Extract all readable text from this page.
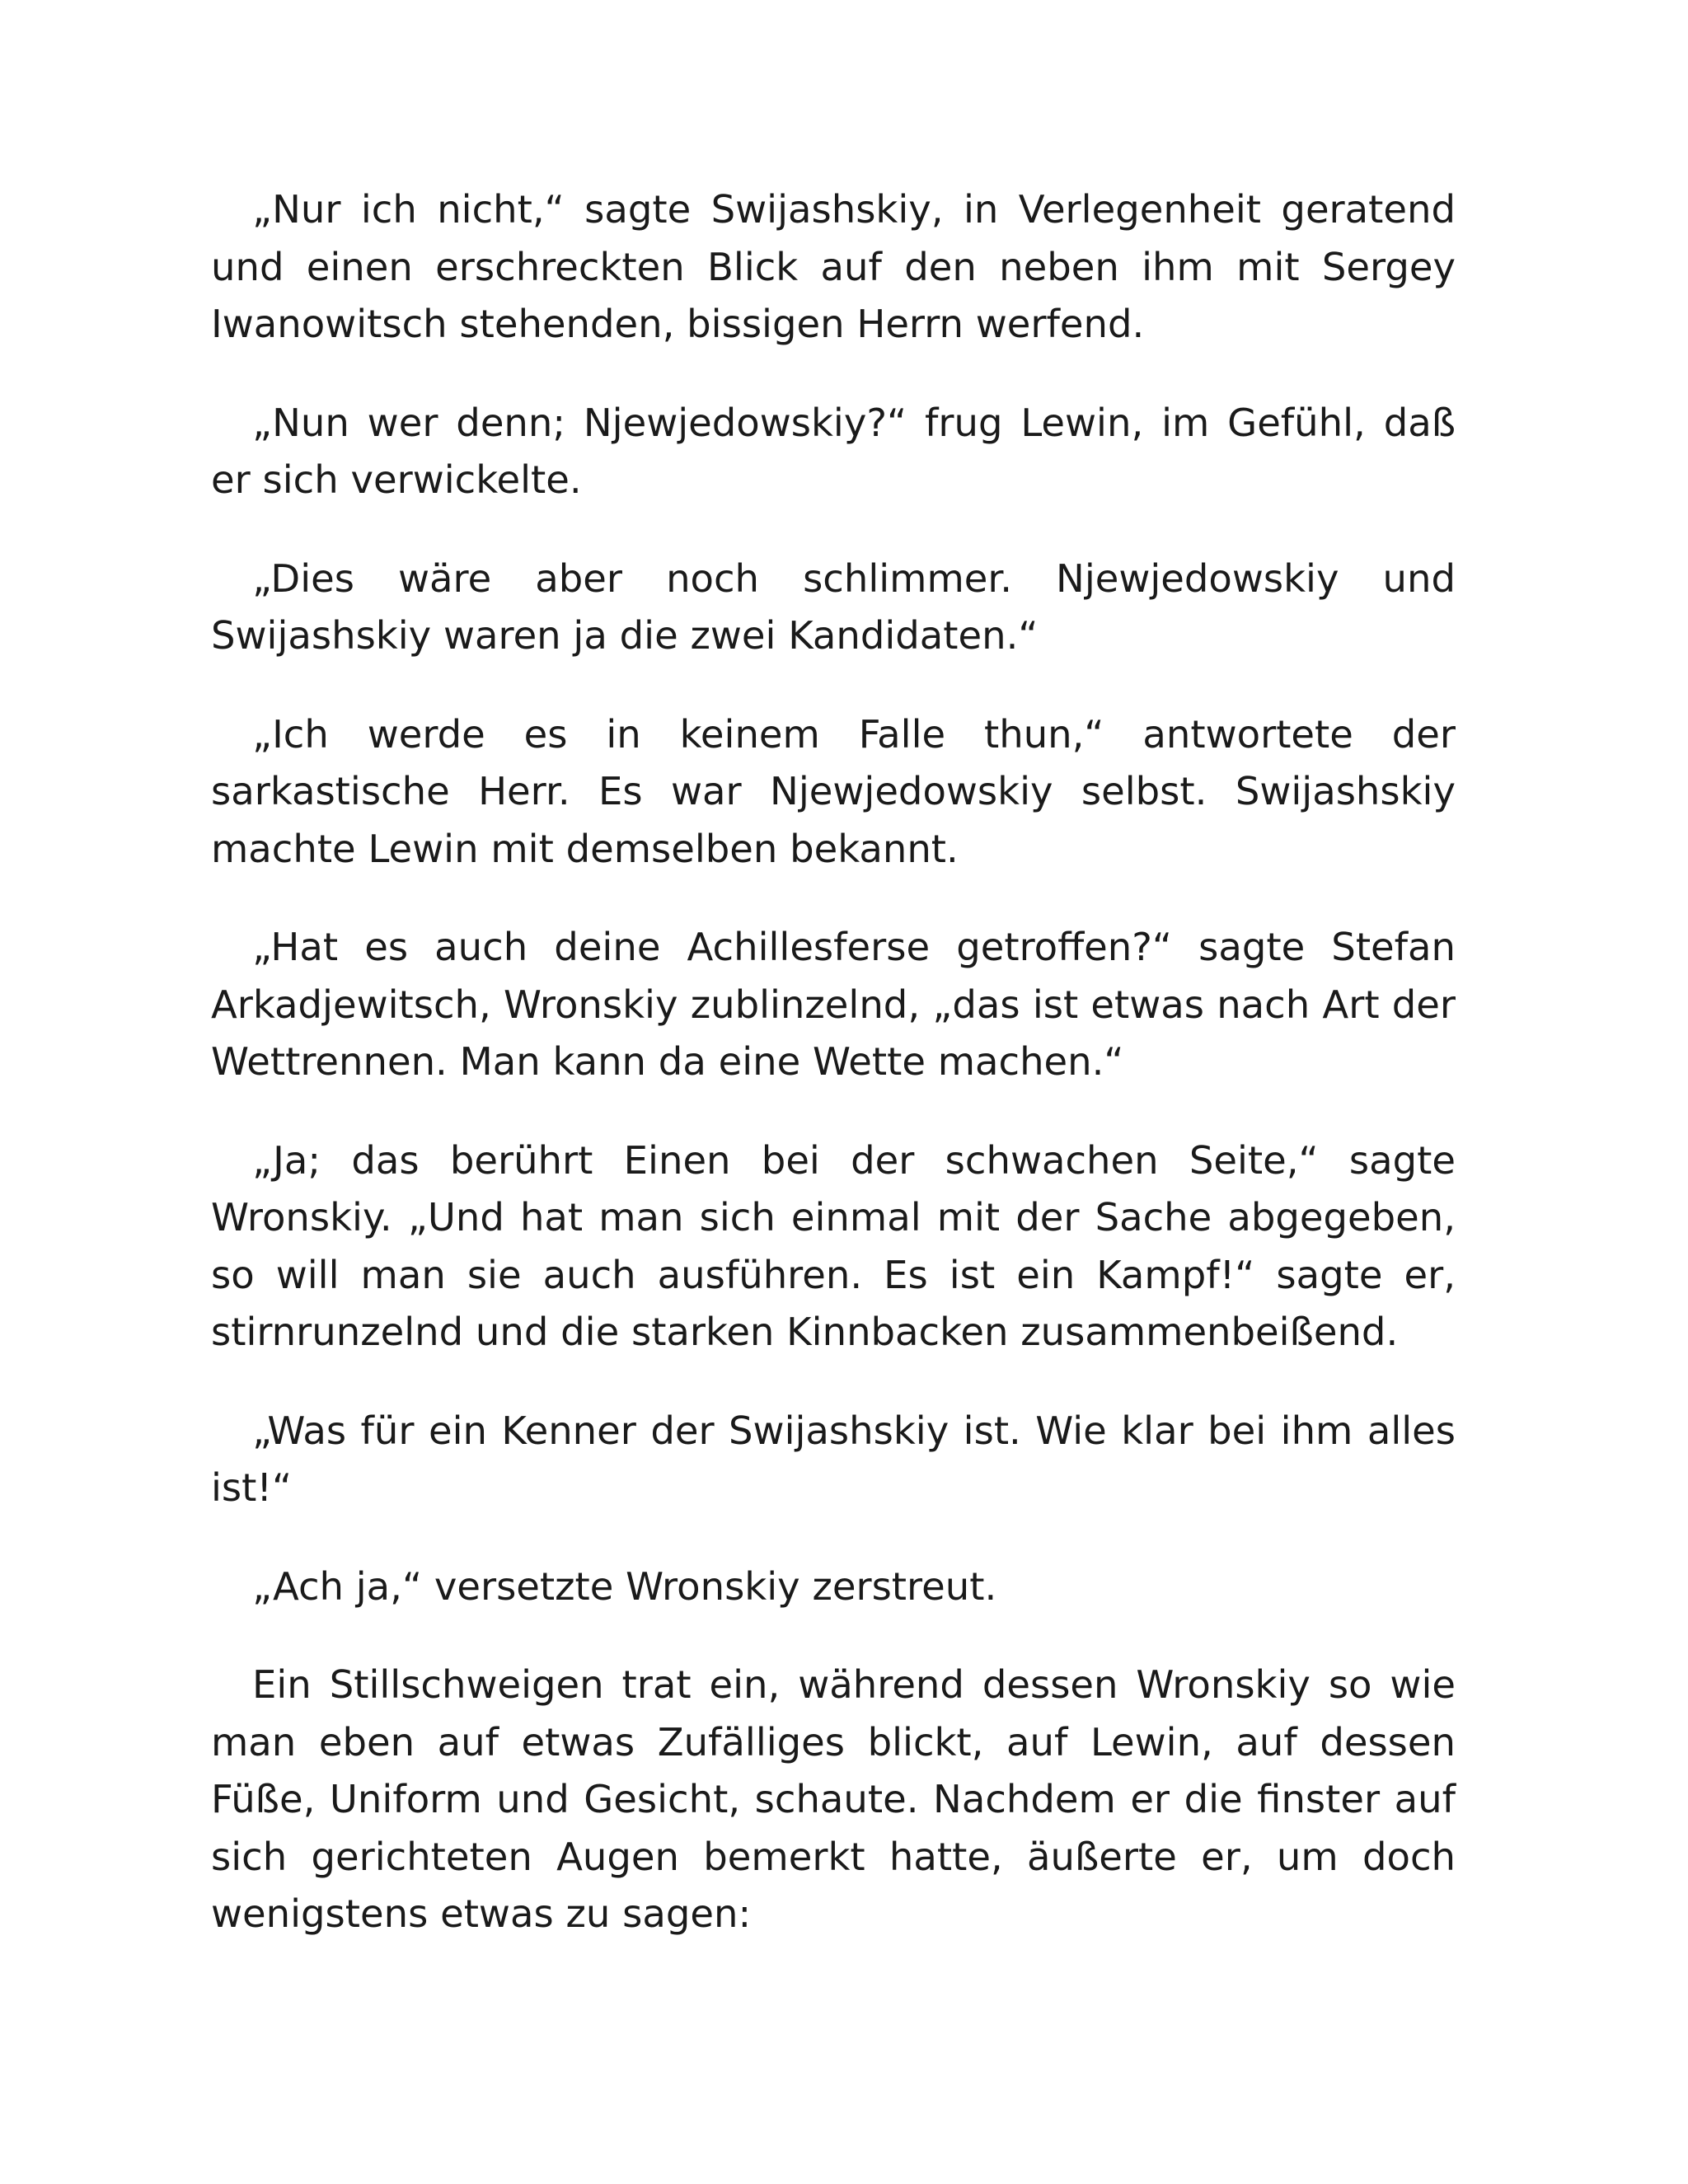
„Nur ich nicht,“ sagte Swijashskiy, in Verlegenheit geratend und einen erschreckten Blick auf den neben ihm mit Sergey Iwanowitsch stehenden, bissigen Herrn werfend.

„Nun wer denn; Njewjedowskiy?“ frug Lewin, im Gefühl, daß er sich verwickelte.

„Dies wäre aber noch schlimmer. Njewjedowskiy und Swijashskiy waren ja die zwei Kandidaten.“

„Ich werde es in keinem Falle thun,“ antwortete der sarkastische Herr. Es war Njewjedowskiy selbst. Swijashskiy machte Lewin mit demselben bekannt.

„Hat es auch deine Achillesferse getroffen?“ sagte Stefan Arkadjewitsch, Wronskiy zublinzelnd, „das ist etwas nach Art der Wettrennen. Man kann da eine Wette machen.“

„Ja; das berührt Einen bei der schwachen Seite,“ sagte Wronskiy. „Und hat man sich einmal mit der Sache abgegeben, so will man sie auch ausführen. Es ist ein Kampf!“ sagte er, stirnrunzelnd und die starken Kinnbacken zusammenbeißend.

„Was für ein Kenner der Swijashskiy ist. Wie klar bei ihm alles ist!“

„Ach ja,“ versetzte Wronskiy zerstreut.

Ein Stillschweigen trat ein, während dessen Wronskiy so wie man eben auf etwas Zufälliges blickt, auf Lewin, auf dessen Füße, Uniform und Gesicht, schaute. Nachdem er die finster auf sich gerichteten Augen bemerkt hatte, äußerte er, um doch wenigstens etwas zu sagen:
